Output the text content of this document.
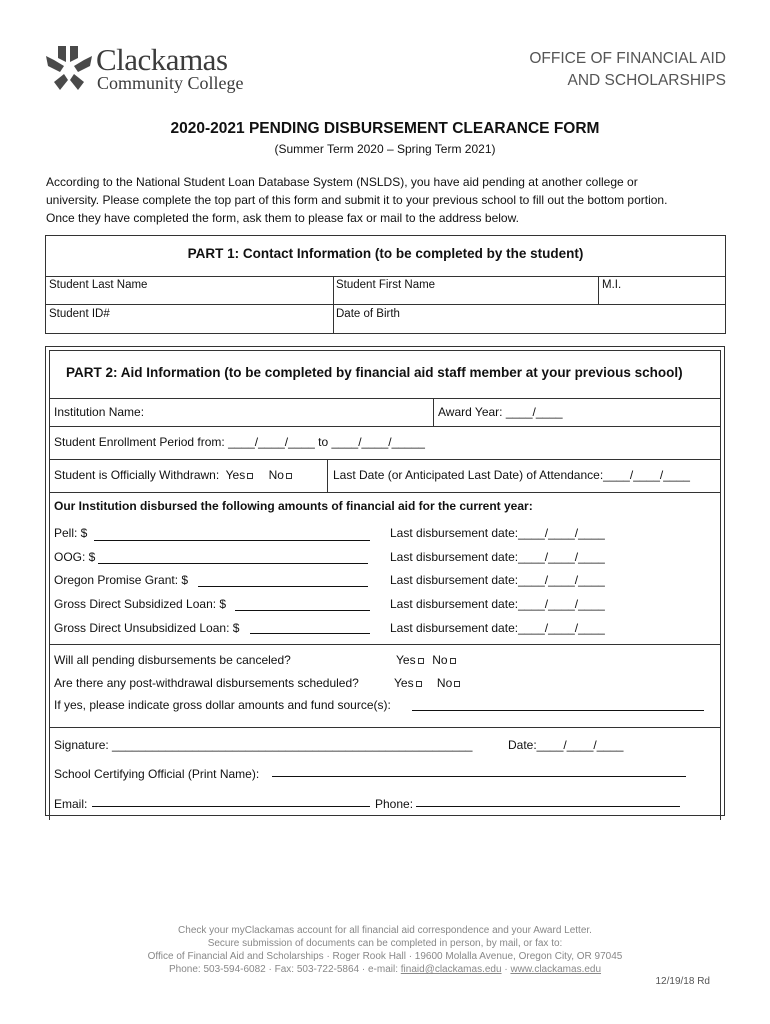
Clackamas
Community College
OFFICE OF FINANCIAL AID
AND SCHOLARSHIPS
2020-2021 PENDING DISBURSEMENT CLEARANCE FORM
(Summer Term 2020 – Spring Term 2021)
According to the National Student Loan Database System (NSLDS), you have aid pending at another college or
university. Please complete the top part of this form and submit it to your previous school to fill out the bottom portion.
Once they have completed the form, ask them to please fax or mail to the address below.
PART 1: Contact Information (to be completed by the student)
Student Last Name	Student First Name	M.I.
Student ID#	Date of Birth
PART 2: Aid Information (to be completed by financial aid staff member at your previous school)
Institution Name:	Award Year: ____/____
Student Enrollment Period from: ____/____/____ to ____/____/_____
Student is Officially Withdrawn: Yes No	Last Date (or Anticipated Last Date) of Attendance:____/____/____
Our Institution disbursed the following amounts of financial aid for the current year:
Pell: $	Last disbursement date:____/____/____
OOG: $	Last disbursement date:____/____/____
Oregon Promise Grant: $	Last disbursement date:____/____/____
Gross Direct Subsidized Loan: $	Last disbursement date:____/____/____
Gross Direct Unsubsidized Loan: $	Last disbursement date:____/____/____
Will all pending disbursements be canceled?	Yes No
Are there any post-withdrawal disbursements scheduled?	Yes No
If yes, please indicate gross dollar amounts and fund source(s):
Signature: ______________________________________________________	Date:____/____/____
School Certifying Official (Print Name):
Email:	Phone:
Check your myClackamas account for all financial aid correspondence and your Award Letter.
Secure submission of documents can be completed in person, by mail, or fax to:
Office of Financial Aid and Scholarships · Roger Rook Hall · 19600 Molalla Avenue, Oregon City, OR 97045
Phone: 503-594-6082 · Fax: 503-722-5864 · e-mail: finaid@clackamas.edu · www.clackamas.edu
12/19/18 Rd
